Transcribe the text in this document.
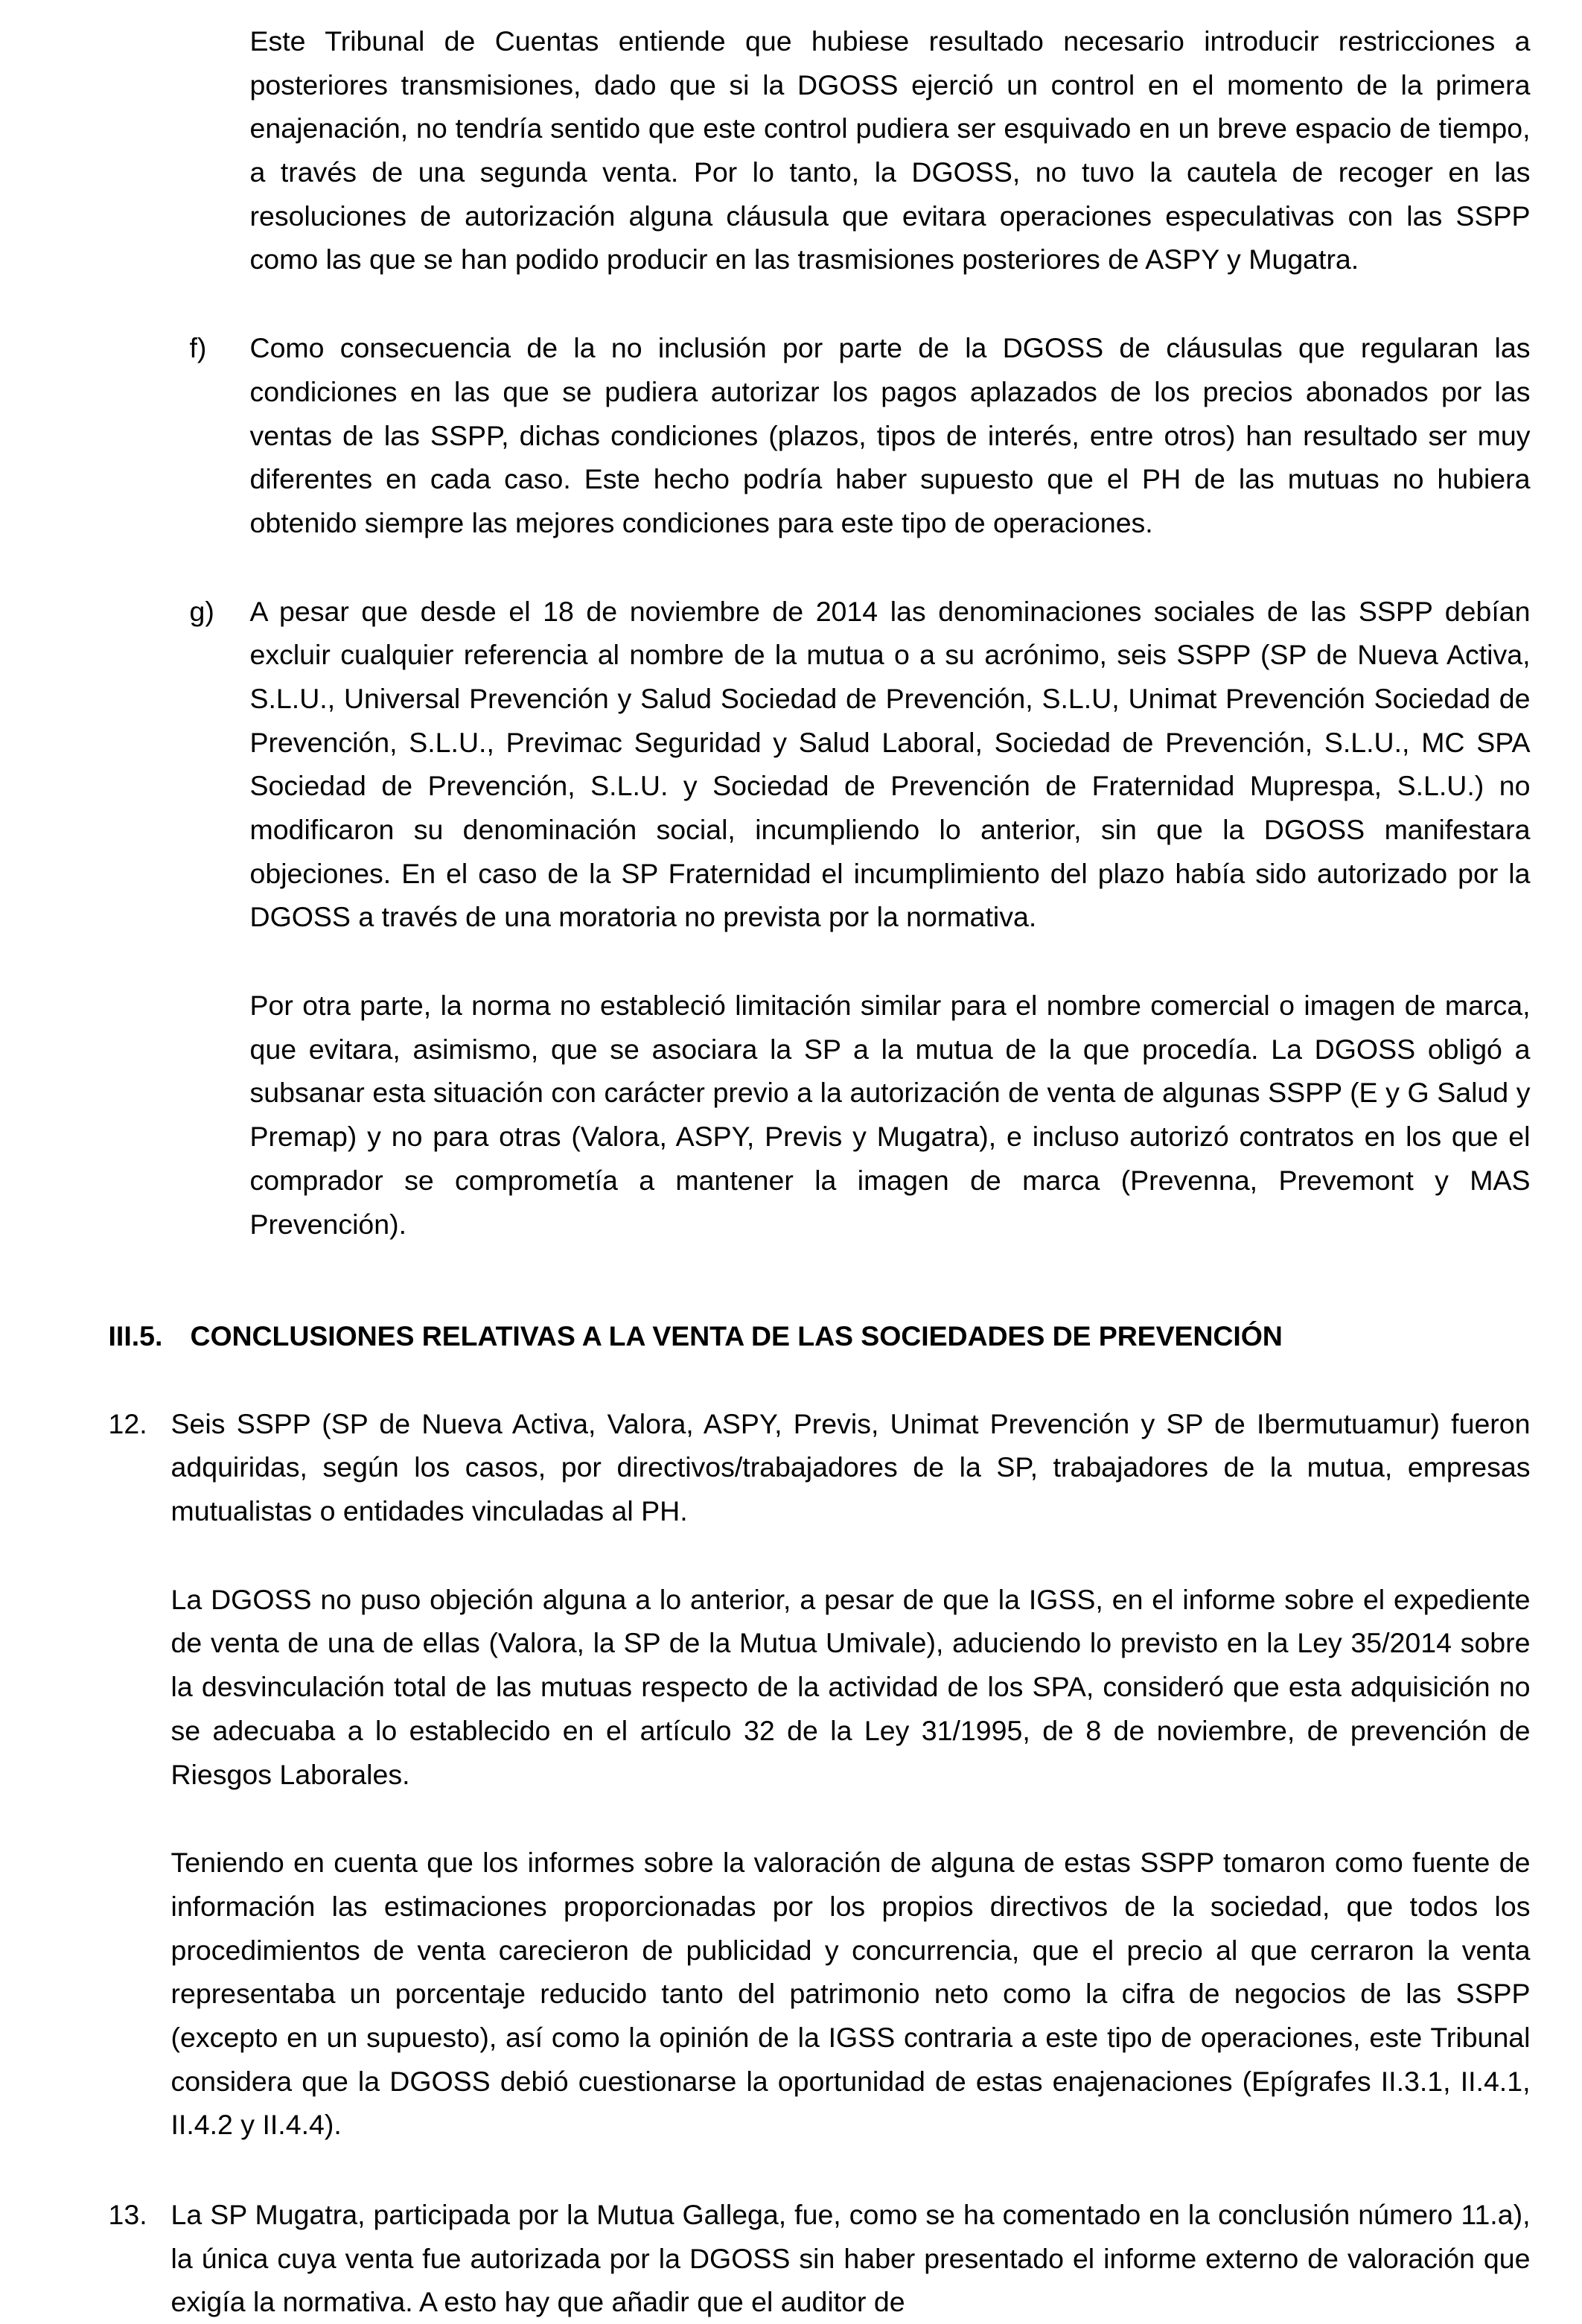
Este Tribunal de Cuentas entiende que hubiese resultado necesario introducir restricciones a posteriores transmisiones, dado que si la DGOSS ejerció un control en el momento de la primera enajenación, no tendría sentido que este control pudiera ser esquivado en un breve espacio de tiempo, a través de una segunda venta. Por lo tanto, la DGOSS, no tuvo la cautela de recoger en las resoluciones de autorización alguna cláusula que evitara operaciones especulativas con las SSPP como las que se han podido producir en las trasmisiones posteriores de ASPY y Mugatra.

f)	Como consecuencia de la no inclusión por parte de la DGOSS de cláusulas que regularan las condiciones en las que se pudiera autorizar los pagos aplazados de los precios abonados por las ventas de las SSPP, dichas condiciones (plazos, tipos de interés, entre otros) han resultado ser muy diferentes en cada caso. Este hecho podría haber supuesto que el PH de las mutuas no hubiera obtenido siempre las mejores condiciones para este tipo de operaciones.
g)	A pesar que desde el 18 de noviembre de 2014 las denominaciones sociales de las SSPP debían excluir cualquier referencia al nombre de la mutua o a su acrónimo, seis SSPP (SP de Nueva Activa, S.L.U., Universal Prevención y Salud Sociedad de Prevención, S.L.U, Unimat Prevención Sociedad de Prevención, S.L.U., Previmac Seguridad y Salud Laboral, Sociedad de Prevención, S.L.U., MC SPA Sociedad de Prevención, S.L.U. y Sociedad de Prevención de Fraternidad Muprespa, S.L.U.) no modificaron su denominación social, incumpliendo lo anterior, sin que la DGOSS manifestara objeciones. En el caso de la SP Fraternidad el incumplimiento del plazo había sido autorizado por la DGOSS a través de una moratoria no prevista por la normativa.

Por otra parte, la norma no estableció limitación similar para el nombre comercial o imagen de marca, que evitara, asimismo, que se asociara la SP a la mutua de la que procedía. La DGOSS obligó a subsanar esta situación con carácter previo a la autorización de venta de algunas SSPP (E y G Salud y Premap) y no para otras (Valora, ASPY, Previs y Mugatra), e incluso autorizó contratos en los que el comprador se comprometía a mantener la imagen de marca (Prevenna, Prevemont y MAS Prevención).

III.5. CONCLUSIONES RELATIVAS A LA VENTA DE LAS SOCIEDADES DE PREVENCIÓN
12. Seis SSPP (SP de Nueva Activa, Valora, ASPY, Previs, Unimat Prevención y SP de Ibermutuamur) fueron adquiridas, según los casos, por directivos/trabajadores de la SP, trabajadores de la mutua, empresas mutualistas o entidades vinculadas al PH.

La DGOSS no puso objeción alguna a lo anterior, a pesar de que la IGSS, en el informe sobre el expediente de venta de una de ellas (Valora, la SP de la Mutua Umivale), aduciendo lo previsto en la Ley 35/2014 sobre la desvinculación total de las mutuas respecto de la actividad de los SPA, consideró que esta adquisición no se adecuaba a lo establecido en el artículo 32 de la Ley 31/1995, de 8 de noviembre, de prevención de Riesgos Laborales.

Teniendo en cuenta que los informes sobre la valoración de alguna de estas SSPP tomaron como fuente de información las estimaciones proporcionadas por los propios directivos de la sociedad, que todos los procedimientos de venta carecieron de publicidad y concurrencia, que el precio al que cerraron la venta representaba un porcentaje reducido tanto del patrimonio neto como la cifra de negocios de las SSPP (excepto en un supuesto), así como la opinión de la IGSS contraria a este tipo de operaciones, este Tribunal considera que la DGOSS debió cuestionarse la oportunidad de estas enajenaciones (Epígrafes II.3.1, II.4.1, II.4.2 y II.4.4).

13. La SP Mugatra, participada por la Mutua Gallega, fue, como se ha comentado en la conclusión número 11.a), la única cuya venta fue autorizada por la DGOSS sin haber presentado el informe externo de valoración que exigía la normativa. A esto hay que añadir que el auditor de
